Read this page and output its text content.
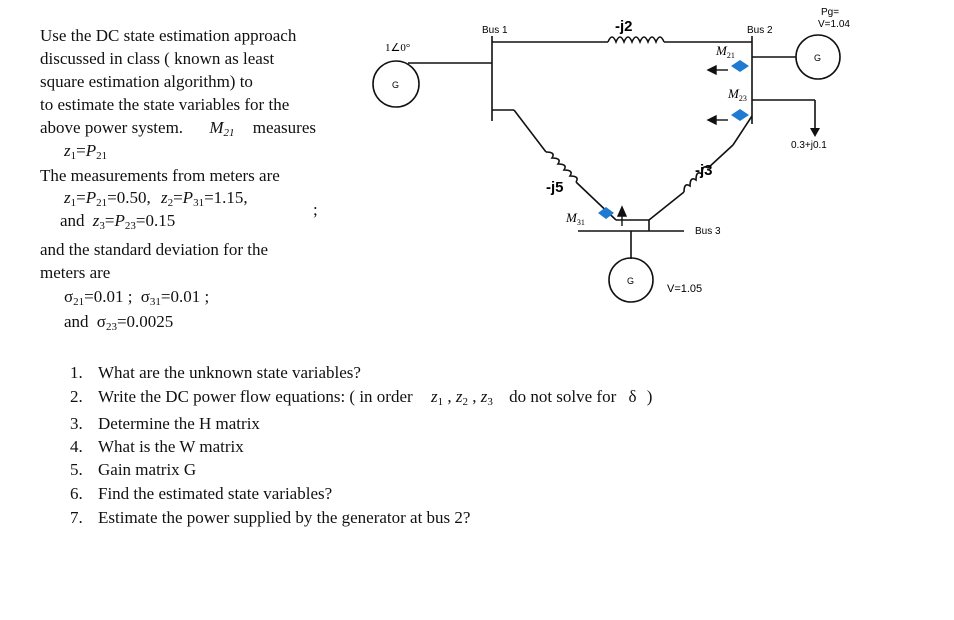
Use the DC state estimation approach
discussed in class ( known as least
square estimation algorithm) to
to estimate the state variables for the
above power system. $M_{21}$ measures
$z_1=P_{21}$
The measurements from meters are
$z_1=P_{21}=0.50$, $z_2=P_{31}=1.15$,
;
and $z_3=P_{23}=0.15$
and the standard deviation for the
meters are
$\sigma_{21}=0.01$ ; $\sigma_{31}=0.01$ ;
and $\sigma_{23}=0.0025$
Bus 1	Bus 2
Bus 3
1∠0°
G
G
G
Pg=
V=1.04
V=1.05
0.3+j0.1
-j2
-j5
-j3
$M_{21}$
$M_{23}$
$M_{31}$
1. What are the unknown state variables?
2. Write the DC power flow equations: ( in order $z_1$ , $z_2$ , $z_3$ do not solve for δ )
3. Determine the H matrix
4. What is the W matrix
5. Gain matrix G
6. Find the estimated state variables?
7. Estimate the power supplied by the generator at bus 2?
